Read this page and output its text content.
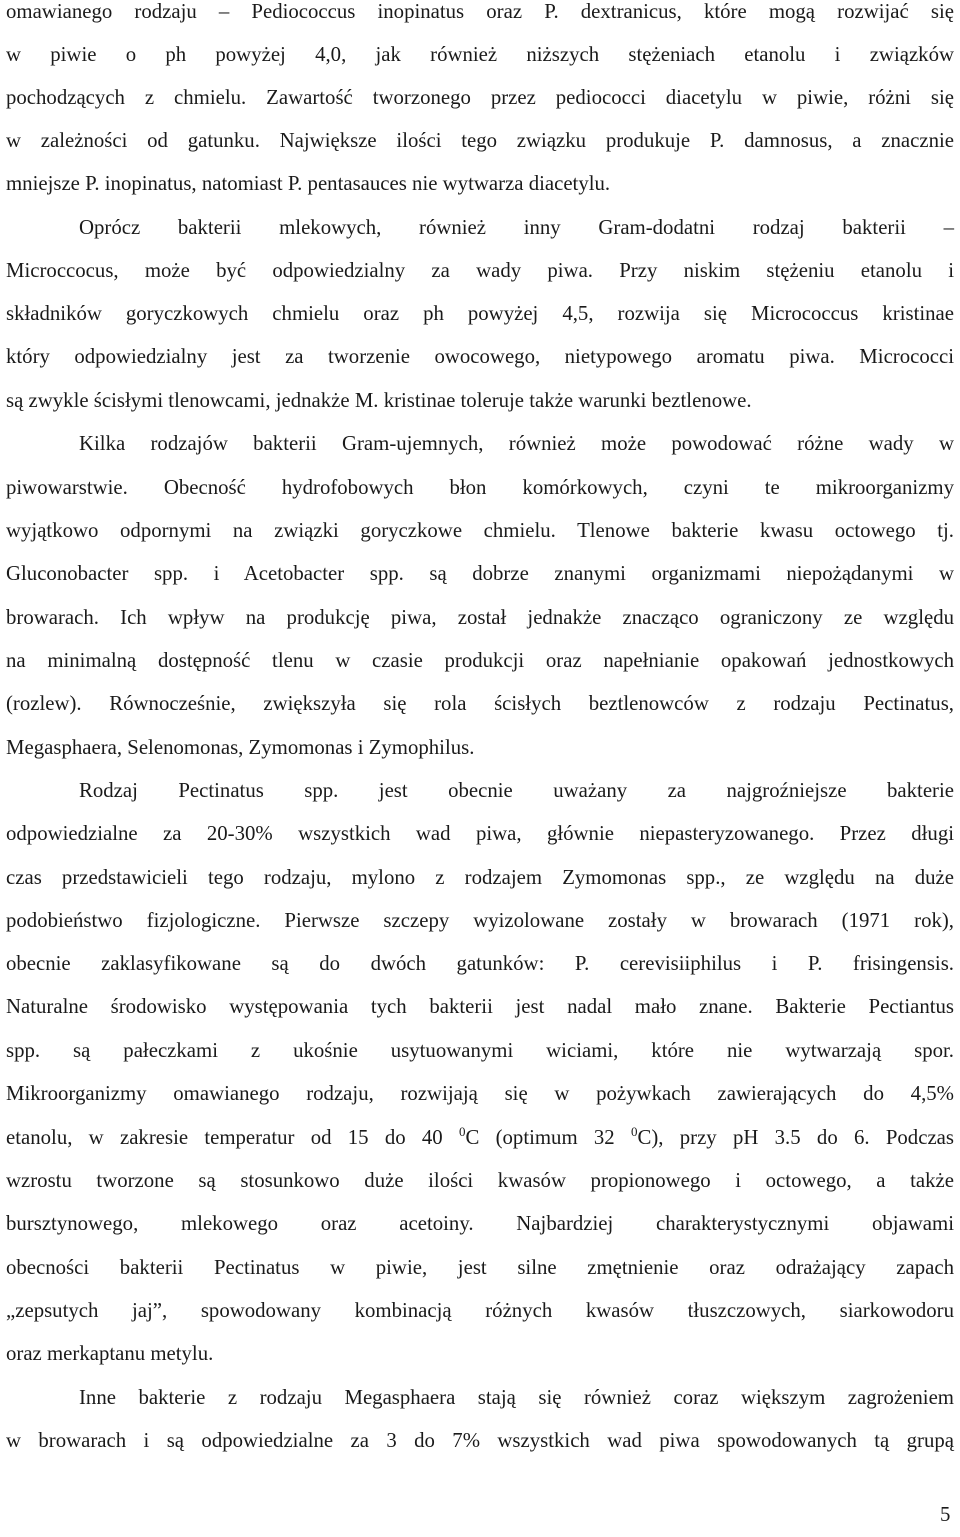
omawianego rodzaju – Pediococcus inopinatus oraz P. dextranicus, które mogą rozwijać się
w piwie o ph powyżej 4,0, jak również niższych stężeniach etanolu i związków
pochodzących z chmielu. Zawartość tworzonego przez pediococci diacetylu w piwie, różni się
w zależności od gatunku. Największe ilości tego związku produkuje P. damnosus, a znacznie
mniejsze P. inopinatus, natomiast P. pentasauces nie wytwarza diacetylu.
Oprócz bakterii mlekowych, również inny Gram-dodatni rodzaj bakterii –
Microccocus, może być odpowiedzialny za wady piwa. Przy niskim stężeniu etanolu i
składników goryczkowych chmielu oraz ph powyżej 4,5, rozwija się Micrococcus kristinae
który odpowiedzialny jest za tworzenie owocowego, nietypowego aromatu piwa. Micrococci
są zwykle ścisłymi tlenowcami, jednakże M. kristinae toleruje także warunki beztlenowe.
Kilka rodzajów bakterii Gram-ujemnych, również może powodować różne wady w
piwowarstwie. Obecność hydrofobowych błon komórkowych, czyni te mikroorganizmy
wyjątkowo odpornymi na związki goryczkowe chmielu. Tlenowe bakterie kwasu octowego tj.
Gluconobacter spp. i Acetobacter spp. są dobrze znanymi organizmami niepożądanymi w
browarach. Ich wpływ na produkcję piwa, został jednakże znacząco ograniczony ze względu
na minimalną dostępność tlenu w czasie produkcji oraz napełnianie opakowań jednostkowych
(rozlew). Równocześnie, zwiększyła się rola ścisłych beztlenowców z rodzaju Pectinatus,
Megasphaera, Selenomonas, Zymomonas i Zymophilus.
Rodzaj Pectinatus spp. jest obecnie uważany za najgroźniejsze bakterie
odpowiedzialne za 20-30% wszystkich wad piwa, głównie niepasteryzowanego. Przez długi
czas przedstawicieli tego rodzaju, mylono z rodzajem Zymomonas spp., ze względu na duże
podobieństwo fizjologiczne. Pierwsze szczepy wyizolowane zostały w browarach (1971 rok),
obecnie zaklasyfikowane są do dwóch gatunków: P. cerevisiiphilus i P. frisingensis.
Naturalne środowisko występowania tych bakterii jest nadal mało znane. Bakterie Pectiantus
spp. są pałeczkami z ukośnie usytuowanymi wiciami, które nie wytwarzają spor.
Mikroorganizmy omawianego rodzaju, rozwijają się w pożywkach zawierających do 4,5%
etanolu, w zakresie temperatur od 15 do 40 $^0$C (optimum 32 $^0$C), przy pH 3.5 do 6. Podczas
wzrostu tworzone są stosunkowo duże ilości kwasów propionowego i octowego, a także
bursztynowego, mlekowego oraz acetoiny. Najbardziej charakterystycznymi objawami
obecności bakterii Pectinatus w piwie, jest silne zmętnienie oraz odrażający zapach
„zepsutych jaj”, spowodowany kombinacją różnych kwasów tłuszczowych, siarkowodoru
oraz merkaptanu metylu.
Inne bakterie z rodzaju Megasphaera stają się również coraz większym zagrożeniem
w browarach i są odpowiedzialne za 3 do 7% wszystkich wad piwa spowodowanych tą grupą
5
